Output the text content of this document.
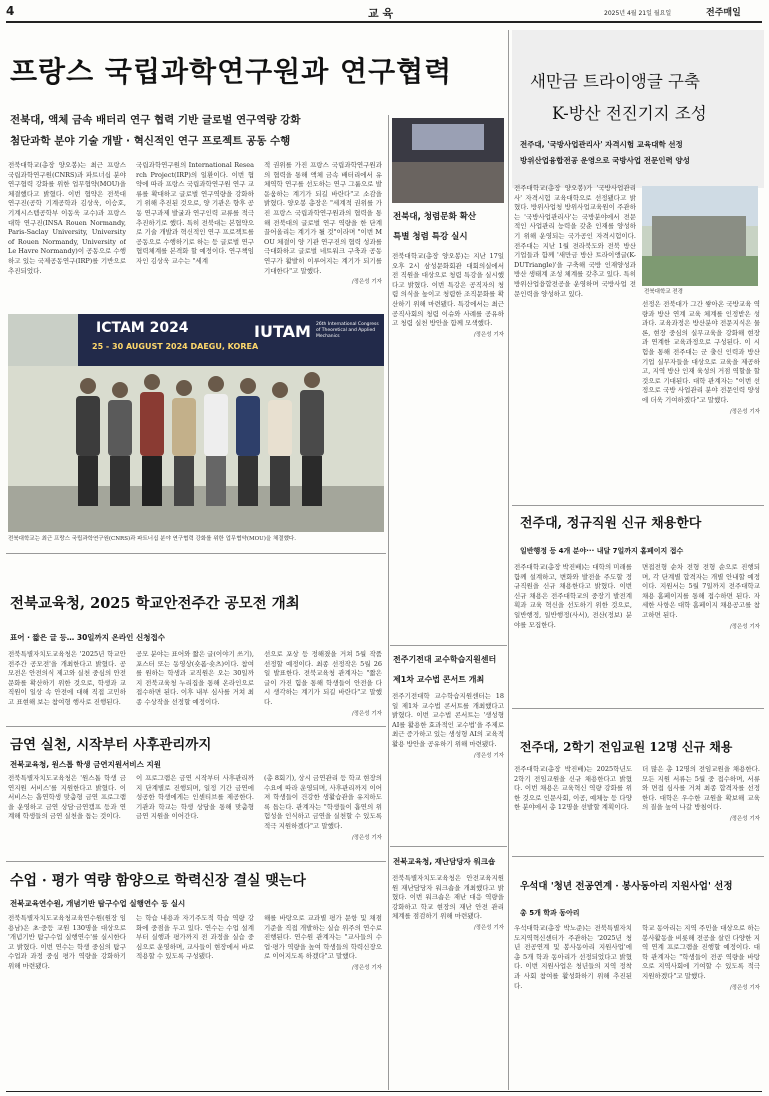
4	교 육	2025년 4월 21일 월요일	전주매일
프랑스 국립과학연구원과 연구협력
전북대, 액체 금속 배터리 연구 협력 기반 글로벌 연구역량 강화
첨단과학 분야 기술 개발 · 혁신적인 연구 프로젝트 공동 수행
전북대학교(총장 양오봉)는 최근 프랑스 국립과학연구원(CNRS)과 파트너십 분야 연구협력 강화를 위한 업무협약(MOU)을 체결했다고 밝혔다. 이번 협약은 전북대 연구진(공학 기계공학과 김상욱, 이승호, 기계시스템공학부 이동욱 교수)과 프랑스 대학 연구진(INSA Rouen Normandy, Paris-Saclay University, University of Rouen Normandy, University of Le Havre Normandy)이 공동으로 수행하고 있는 국제공동연구(IRP)를 기반으로 추진되었다.
국립과학연구원의 International Research Project(IRP)의 일환이다. 이번 협약에 따라 프랑스 국립과학연구원 연구 교류를 확대하고 글로벌 연구역량을 강화하기 위해 추진된 것으로, 양 기관은 향후 공동 연구과제 발굴과 연구인력 교류를 적극 추진하기로 했다. 특히 전북대는 본협약으로 기술 개발과 혁신적인 연구 프로젝트를 공동으로 수행하기로 하는 등 글로벌 연구 협력체계를 본격화 할 예정이다. 연구책임자인 김상욱 교수는 "세계
적 권위를 가진 프랑스 국립과학연구원과의 협력을 통해 액체 금속 배터리에서 유체역학 연구를 선도하는 연구 그룹으로 발돋움하는 계기가 되길 바란다"고 소감을 밝혔다. 양오봉 총장은 "세계적 권위를 가진 프랑스 국립과학연구원과의 협력을 통해 전북대의 글로벌 연구 역량을 한 단계 끌어올리는 계기가 될 것"이라며 "이번 MOU 체결이 양 기관 연구진의 협력 성과를 극대화하고 글로벌 네트워크 구축과 공동 연구가 활발히 이루어지는 계기가 되기를 기대한다"고 말했다.
/정은성 기자
ICTAM 2024
25 - 30 AUGUST 2024 DAEGU, KOREA
IUTAM 26th International Congress of Theoretical and Applied Mechanics
전북대학교는 최근 프랑스 국립과학연구원(CNRS)과 파트너십 분야 연구협력 강화를 위한 업무협약(MOU)을 체결했다.
새만금 트라이앵글 구축
K-방산 전진기지 조성
전주대, '국방사업관리사' 자격시험 교육대학 선정
방위산업융합전공 운영으로 국방사업 전문인력 양성
전주대학교(총장 양오봉)가 '국방사업관리사' 자격시험 교육대학으로 선정됐다고 밝혔다. 방위사업청 방위사업교육원이 주관하는 '국방사업관리사'는 국방분야에서 전문적인 사업관리 능력을 갖춘 인재를 양성하기 위해 운영되는 국가공인 자격시험이다. 전주대는 지난 1월 전라북도와 전북 방산 기업들과 함께 '새만금 방산 트라이앵글(K-DUTriangle)'을 구축해 국방 인재양성과 방산 생태계 조성 체계를 갖추고 있다. 특히 방위산업융합전공을 운영하며 국방사업 전문인력을 양성하고 있다.	전북대학교 전경
선정은 전북대가 그간 쌓아온 국방교육 역량과 방산 연계 교육 체계를 인정받은 성과다. 교육과정은 방산분야 전문지식은 물론, 현장 중심의 실무교육을 강화해 현장과 연계한 교육과정으로 구성된다. 이 시험을 통해 전주대는 군 출신 인력과 방산기업 실무자들을 대상으로 교육을 제공하고, 지역 방산 인재 육성의 거점 역할을 할 것으로 기대된다. 대학 관계자는 "이번 선정으로 국방 사업관리 분야 전문인력 양성에 더욱 기여하겠다"고 말했다.
/정은성 기자
전북대, 청렴문화 확산
특별 청렴 특강 실시
전북대학교(총장 양오봉)는 지난 17일 오후 2시 삼성문화회관 대회의실에서 전 직원을 대상으로 청렴 특강을 실시했다고 밝혔다. 이번 특강은 공직자의 청렴 의식을 높이고 청렴한 조직문화를 확산하기 위해 마련됐다. 특강에서는 최근 공직사회의 청렴 이슈와 사례를 공유하고 청렴 실천 방안을 함께 모색했다.
/정은성 기자
전주기전대 교수학습지원센터
제1차 교수법 콘서트 개최
전주기전대학 교수학습지원센터는 18일 제1차 교수법 콘서트를 개최했다고 밝혔다. 이번 교수법 콘서트는 '생성형 AI를 활용한 효과적인 교수법'을 주제로 최근 증가하고 있는 생성형 AI의 교육적 활용 방안을 공유하기 위해 마련됐다.
/정은성 기자
전북교육청, 재난담당자 워크숍
전북특별자치도교육청은 안전교육지원원 재난담당자 워크숍을 개최했다고 밝혔다. 이번 워크숍은 재난 대응 역량을 강화하고 학교 현장의 재난 안전 관리 체계를 점검하기 위해 마련됐다.
/정은성 기자
전북교육청, 2025 학교안전주간 공모전 개최
표어 · 짧은 글 등… 30일까지 온라인 신청접수
전북특별자치도교육청은 '2025년 학교안전주간 공모전'을 개최한다고 밝혔다. 공모전은 안전의식 제고와 실천 중심의 안전문화를 확산하기 위한 것으로, 학생과 교직원이 일상 속 안전에 대해 직접 고민하고 표현해 보는 참여형 행사로 진행된다.
공모 분야는 표어와 짧은 글(이야기 쓰기), 포스터 또는 동영상(숏폼·숏츠)이다. 참여를 원하는 학생과 교직원은 오는 30일까지 전북교육청 누리집을 통해 온라인으로 접수하면 된다. 이후 내부 심사를 거쳐 최종 수상작을 선정할 예정이다.
선으로 포상 등 정해졌을 거쳐 5월 작품 선정할 예정이다. 최종 선정작은 5월 26일 발표한다. 전북교육청 관계자는 "짧은 글이 가진 힘을 통해 학생들이 안전을 다시 생각하는 계기가 되길 바란다"고 말했다.
/정은성 기자
금연 실천, 시작부터 사후관리까지
전북교육청, 원스톱 학생 금연지원서비스 지원
전북특별자치도교육청은 '원스톱 학생 금연지원 서비스'를 지원한다고 밝혔다. 이 서비스는 흡연학생 맞춤형 금연 프로그램을 운영하고 금연 상담·금연캠프 등과 연계해 학생들의 금연 실천을 돕는 것이다.
이 프로그램은 금연 시작부터 사후관리까지 단계별로 진행되며, 일정 기간 금연에 성공한 학생에게는 인센티브를 제공한다. 기관과 학교는 학생 상담을 통해 맞춤형 금연 지원을 이어간다.
(총 8회기), 상시 금연관리 등 학교 현장의 수요에 따라 운영되며, 사후관리까지 이어져 학생들이 건강한 생활습관을 유지하도록 돕는다. 관계자는 "학생들이 흡연의 위험성을 인식하고 금연을 실천할 수 있도록 적극 지원하겠다"고 말했다.
/정은성 기자
수업 · 평가 역량 함양으로 학력신장 결실 맺는다
전북교육연수원, 개념기반 탐구수업 실행연수 등 실시
전북특별자치도교육청교육연수원(원장 임용남)은 초·중등 교원 130명을 대상으로 '개념기반 탐구수업 실행연수'를 실시한다고 밝혔다. 이번 연수는 학생 중심의 탐구수업과 과정 중심 평가 역량을 강화하기 위해 마련됐다.
는 학습 내용과 자기주도적 학습 역량 강화에 중점을 두고 있다. 연수는 수업 설계부터 실행과 평가까지 전 과정을 실습 중심으로 운영하며, 교사들이 현장에서 바로 적용할 수 있도록 구성됐다.
해를 바탕으로 교과별 평가 문항 및 채점 기준을 직접 개발하는 실습 위주의 연수로 진행된다. 연수원 관계자는 "교사들의 수업·평가 역량을 높여 학생들의 학력신장으로 이어지도록 하겠다"고 말했다.
/정은성 기자
전주대, 정규직원 신규 채용한다
일반행정 등 4개 분야··· 내달 7일까지 홈페이지 접수
전주대학교(총장 박진배)는 대학의 미래를 함께 설계하고, 변화와 발전을 주도할 정규직원을 신규 채용한다고 밝혔다. 이번 신규 채용은 전주대학교의 중장기 발전계획과 교육 혁신을 선도하기 위한 것으로, 일반행정, 일반행정(사서), 전산(정보) 분야를 모집한다.
면접전형 순차 전형 전형 순으로 진행되며, 각 단계별 합격자는 개별 안내할 예정이다. 지원서는 5월 7일까지 전주대학교 채용 홈페이지를 통해 접수하면 된다. 자세한 사항은 대학 홈페이지 채용공고를 참고하면 된다.
/정은성 기자
전주대, 2학기 전임교원 12명 신규 채용
전주대학교(총장 박진배)는 2025학년도 2학기 전임교원을 신규 채용한다고 밝혔다. 이번 채용은 교육혁신 역량 강화를 위한 것으로 인문사회, 이공, 예체능 등 다양한 분야에서 총 12명을 선발할 계획이다.
더 많은 총 12명의 전임교원을 채용한다. 모든 지원 서류는 5월 중 접수하며, 서류와 면접 심사를 거쳐 최종 합격자를 선정한다. 대학은 우수한 교원을 확보해 교육의 질을 높여 나갈 방침이다.
/정은성 기자
우석대 '청년 전공연계 · 봉사동아리 지원사업' 선정
총 5개 학과 동아리
우석대학교(총장 박노준)는 전북특별자치도지역혁신센터가 주관하는 '2025년 청년 전공연계 및 봉사동아리 지원사업'에 총 5개 학과 동아리가 선정되었다고 밝혔다. 이번 지원사업은 청년들의 지역 정착과 사회 참여를 활성화하기 위해 추진된다.
학교 동아리는 지역 주민을 대상으로 하는 봉사활동을 비롯해 전공을 살린 다양한 지역 연계 프로그램을 진행할 예정이다. 대학 관계자는 "학생들이 전공 역량을 바탕으로 지역사회에 기여할 수 있도록 적극 지원하겠다"고 말했다.
/정은성 기자
